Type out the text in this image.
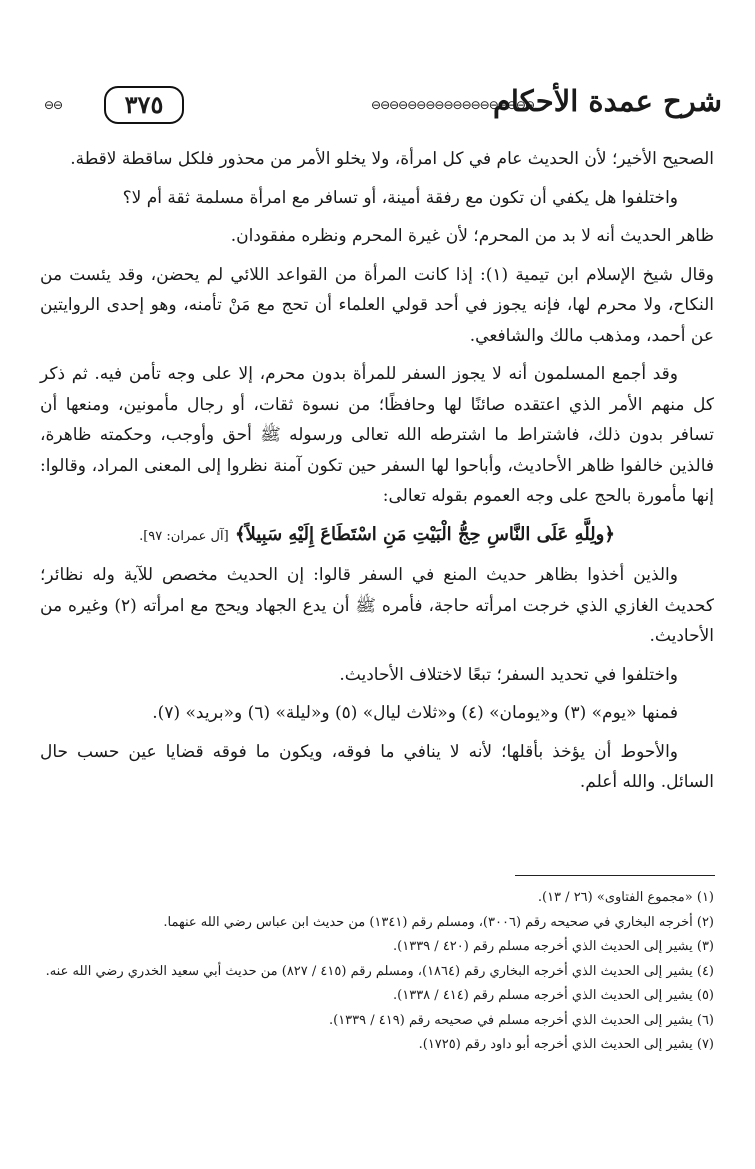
شرح عمدة الأحكام
⊖⊖⊖⊖⊖⊖⊖⊖⊖⊖⊖⊖⊖⊖⊖⊖⊖⊖
٣٧٥
⊖⊖

الصحيح الأخير؛ لأن الحديث عام في كل امرأة، ولا يخلو الأمر من محذور فلكل ساقطة لاقطة.

واختلفوا هل يكفي أن تكون مع رفقة أمينة، أو تسافر مع امرأة مسلمة ثقة أم لا؟

ظاهر الحديث أنه لا بد من المحرم؛ لأن غيرة المحرم ونظره مفقودان.

وقال شيخ الإسلام ابن تيمية (١): إذا كانت المرأة من القواعد اللائي لم يحضن، وقد يئست من النكاح، ولا محرم لها، فإنه يجوز في أحد قولي العلماء أن تحج مع مَنْ تأمنه، وهو إحدى الروايتين عن أحمد، ومذهب مالك والشافعي.

وقد أجمع المسلمون أنه لا يجوز السفر للمرأة بدون محرم، إلا على وجه تأمن فيه. ثم ذكر كل منهم الأمر الذي اعتقده صائنًا لها وحافظًا؛ من نسوة ثقات، أو رجال مأمونين، ومنعها أن تسافر بدون ذلك، فاشتراط ما اشترطه الله تعالى ورسوله ﷺ أحق وأوجب، وحكمته ظاهرة، فالذين خالفوا ظاهر الأحاديث، وأباحوا لها السفر حين تكون آمنة نظروا إلى المعنى المراد، وقالوا: إنها مأمورة بالحج على وجه العموم بقوله تعالى:

﴿ولِلَّهِ عَلَى النَّاسِ حِجُّ الْبَيْتِ مَنِ اسْتَطَاعَ إِلَيْهِ سَبِيلاً﴾ [آل عمران: ٩٧].

والذين أخذوا بظاهر حديث المنع في السفر قالوا: إن الحديث مخصص للآية وله نظائر؛ كحديث الغازي الذي خرجت امرأته حاجة، فأمره ﷺ أن يدع الجهاد ويحج مع امرأته (٢) وغيره من الأحاديث.

واختلفوا في تحديد السفر؛ تبعًا لاختلاف الأحاديث.

فمنها «يوم» (٣) و«يومان» (٤) و«ثلاث ليال» (٥) و«ليلة» (٦) و«بريد» (٧).

والأحوط أن يؤخذ بأقلها؛ لأنه لا ينافي ما فوقه، ويكون ما فوقه قضايا عين حسب حال السائل. والله أعلم.

(١) «مجموع الفتاوى» (٢٦ / ١٣).

(٢) أخرجه البخاري في صحيحه رقم (٣٠٠٦)، ومسلم رقم (١٣٤١) من حديث ابن عباس رضي الله عنهما.

(٣) يشير إلى الحديث الذي أخرجه مسلم رقم (٤٢٠ / ١٣٣٩).

(٤) يشير إلى الحديث الذي أخرجه البخاري رقم (١٨٦٤)، ومسلم رقم (٤١٥ / ٨٢٧) من حديث أبي سعيد الخدري رضي الله عنه.

(٥) يشير إلى الحديث الذي أخرجه مسلم رقم (٤١٤ / ١٣٣٨).

(٦) يشير إلى الحديث الذي أخرجه مسلم في صحيحه رقم (٤١٩ / ١٣٣٩).

(٧) يشير إلى الحديث الذي أخرجه أبو داود رقم (١٧٢٥).
